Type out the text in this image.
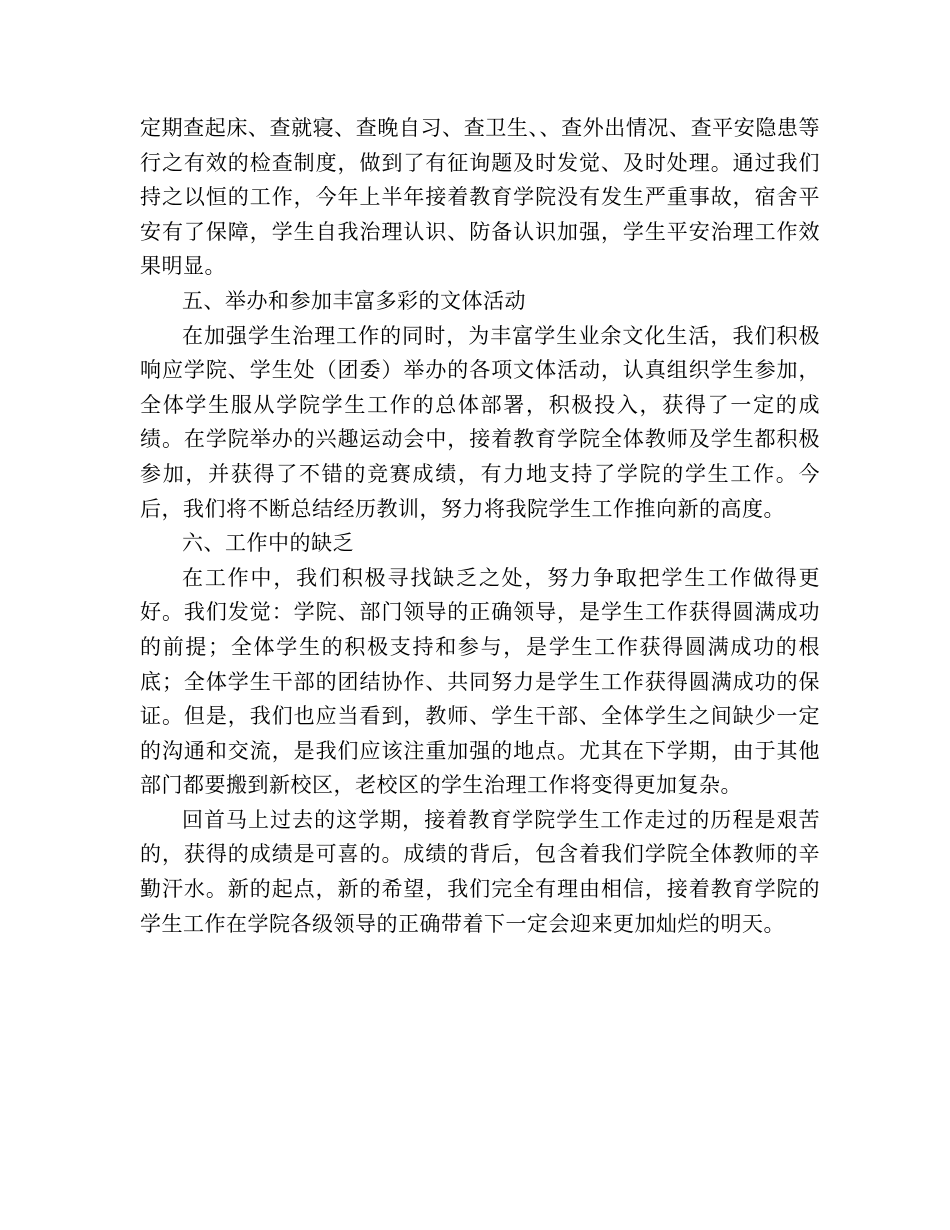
定期查起床、查就寝、查晚自习、查卫生、、查外出情况、查平安隐患等行之有效的检查制度，做到了有征询题及时发觉、及时处理。通过我们持之以恒的工作，今年上半年接着教育学院没有发生严重事故，宿舍平安有了保障，学生自我治理认识、防备认识加强，学生平安治理工作效果明显。

五、举办和参加丰富多彩的文体活动

在加强学生治理工作的同时，为丰富学生业余文化生活，我们积极响应学院、学生处（团委）举办的各项文体活动，认真组织学生参加，全体学生服从学院学生工作的总体部署，积极投入，获得了一定的成绩。在学院举办的兴趣运动会中，接着教育学院全体教师及学生都积极参加，并获得了不错的竞赛成绩，有力地支持了学院的学生工作。今后，我们将不断总结经历教训，努力将我院学生工作推向新的高度。

六、工作中的缺乏

在工作中，我们积极寻找缺乏之处，努力争取把学生工作做得更好。我们发觉：学院、部门领导的正确领导，是学生工作获得圆满成功的前提；全体学生的积极支持和参与，是学生工作获得圆满成功的根底；全体学生干部的团结协作、共同努力是学生工作获得圆满成功的保证。但是，我们也应当看到，教师、学生干部、全体学生之间缺少一定的沟通和交流，是我们应该注重加强的地点。尤其在下学期，由于其他部门都要搬到新校区，老校区的学生治理工作将变得更加复杂。

回首马上过去的这学期，接着教育学院学生工作走过的历程是艰苦的，获得的成绩是可喜的。成绩的背后，包含着我们学院全体教师的辛勤汗水。新的起点，新的希望，我们完全有理由相信，接着教育学院的学生工作在学院各级领导的正确带着下一定会迎来更加灿烂的明天。
